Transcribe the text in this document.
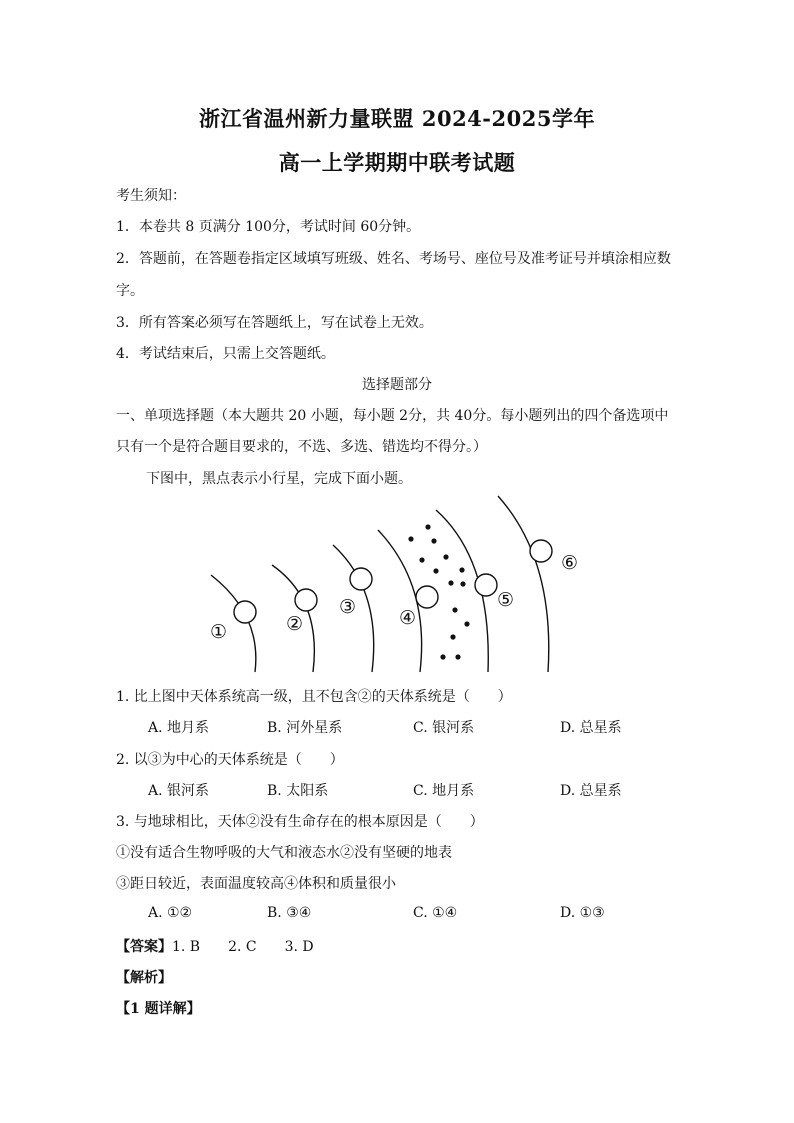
浙江省温州新力量联盟 2024-2025学年
高一上学期期中联考试题
考生须知：
1．本卷共 8 页满分 100分，考试时间 60分钟。
2．答题前，在答题卷指定区域填写班级、姓名、考场号、座位号及准考证号并填涂相应数
字。
3．所有答案必须写在答题纸上，写在试卷上无效。
4．考试结束后，只需上交答题纸。
选择题部分
一、单项选择题（本大题共 20 小题，每小题 2分，共 40分。每小题列出的四个备选项中
只有一个是符合题目要求的，不选、多选、错选均不得分。）
下图中，黑点表示小行星，完成下面小题。
①	②
③ ④
⑤
⑥
1. 比上图中天体系统高一级，且不包含②的天体系统是（　　）
A. 地月系	B. 河外星系	C. 银河系	D. 总星系
2. 以③为中心的天体系统是（　　）
A. 银河系	B. 太阳系	C. 地月系	D. 总星系
3. 与地球相比，天体②没有生命存在的根本原因是（　　）
①没有适合生物呼吸的大气和液态水②没有坚硬的地表
③距日较近，表面温度较高④体积和质量很小
A. ①②	B. ③④	C. ①④	D. ①③
【答案】1. B　　2. C　　3. D
【解析】
【1 题详解】
